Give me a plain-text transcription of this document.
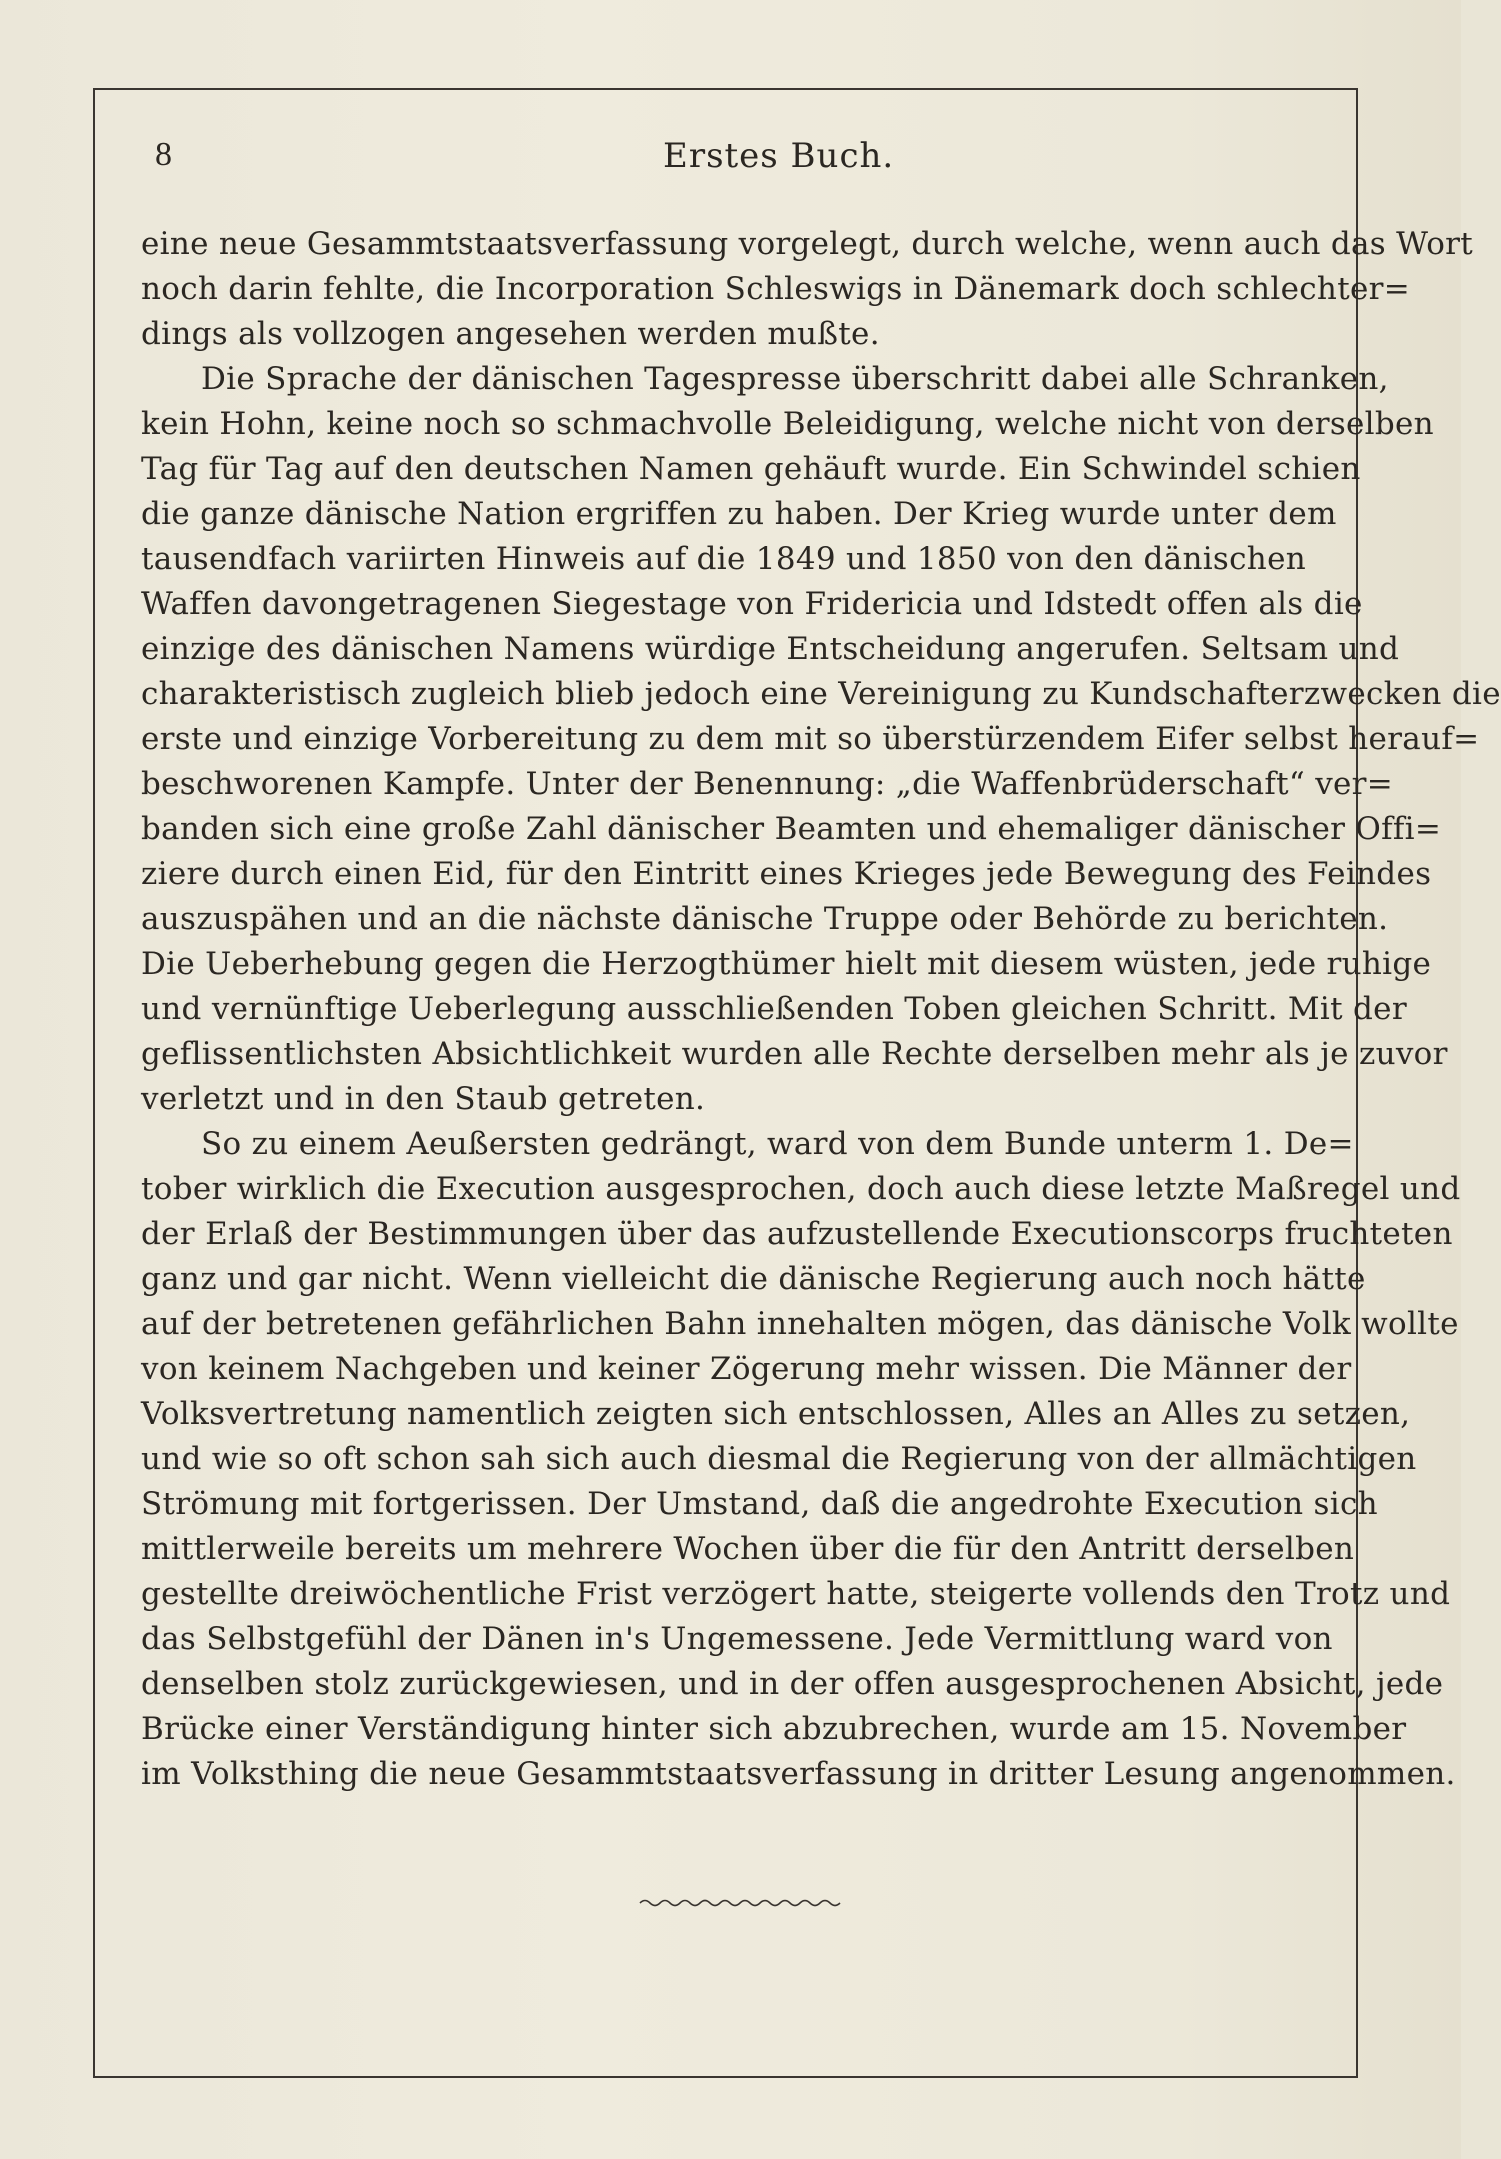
8	Erstes Buch.
eine neue Gesammtstaatsverfassung vorgelegt, durch welche, wenn auch das Wort
noch darin fehlte, die Incorporation Schleswigs in Dänemark doch schlechter=
dings als vollzogen angesehen werden mußte.
Die Sprache der dänischen Tagespresse überschritt dabei alle Schranken,
kein Hohn, keine noch so schmachvolle Beleidigung, welche nicht von derselben
Tag für Tag auf den deutschen Namen gehäuft wurde. Ein Schwindel schien
die ganze dänische Nation ergriffen zu haben. Der Krieg wurde unter dem
tausendfach variirten Hinweis auf die 1849 und 1850 von den dänischen
Waffen davongetragenen Siegestage von Fridericia und Idstedt offen als die
einzige des dänischen Namens würdige Entscheidung angerufen. Seltsam und
charakteristisch zugleich blieb jedoch eine Vereinigung zu Kundschafterzwecken die
erste und einzige Vorbereitung zu dem mit so überstürzendem Eifer selbst herauf=
beschworenen Kampfe. Unter der Benennung: „die Waffenbrüderschaft“ ver=
banden sich eine große Zahl dänischer Beamten und ehemaliger dänischer Offi=
ziere durch einen Eid, für den Eintritt eines Krieges jede Bewegung des Feindes
auszuspähen und an die nächste dänische Truppe oder Behörde zu berichten.
Die Ueberhebung gegen die Herzogthümer hielt mit diesem wüsten, jede ruhige
und vernünftige Ueberlegung ausschließenden Toben gleichen Schritt. Mit der
geflissentlichsten Absichtlichkeit wurden alle Rechte derselben mehr als je zuvor
verletzt und in den Staub getreten.
So zu einem Aeußersten gedrängt, ward von dem Bunde unterm 1. De=
tober wirklich die Execution ausgesprochen, doch auch diese letzte Maßregel und
der Erlaß der Bestimmungen über das aufzustellende Executionscorps fruchteten
ganz und gar nicht. Wenn vielleicht die dänische Regierung auch noch hätte
auf der betretenen gefährlichen Bahn innehalten mögen, das dänische Volk wollte
von keinem Nachgeben und keiner Zögerung mehr wissen. Die Männer der
Volksvertretung namentlich zeigten sich entschlossen, Alles an Alles zu setzen,
und wie so oft schon sah sich auch diesmal die Regierung von der allmächtigen
Strömung mit fortgerissen. Der Umstand, daß die angedrohte Execution sich
mittlerweile bereits um mehrere Wochen über die für den Antritt derselben
gestellte dreiwöchentliche Frist verzögert hatte, steigerte vollends den Trotz und
das Selbstgefühl der Dänen in's Ungemessene. Jede Vermittlung ward von
denselben stolz zurückgewiesen, und in der offen ausgesprochenen Absicht, jede
Brücke einer Verständigung hinter sich abzubrechen, wurde am 15. November
im Volksthing die neue Gesammtstaatsverfassung in dritter Lesung angenommen.
